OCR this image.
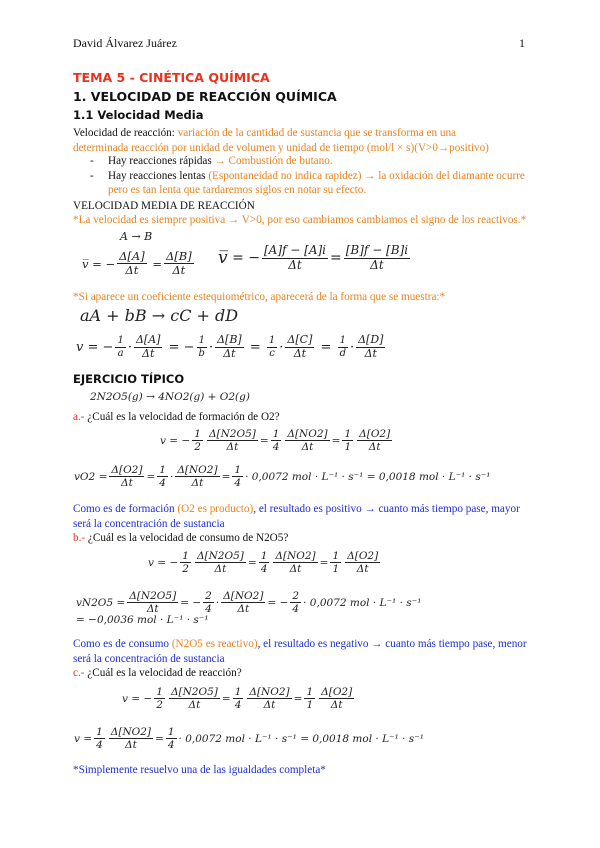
David Álvarez Juárez	1
TEMA 5 - CINÉTICA QUÍMICA
1. VELOCIDAD DE REACCIÓN QUÍMICA
1.1 Velocidad Media
Velocidad de reacción: variación de la cantidad de sustancia que se transforma en una
determinada reacción por unidad de volumen y unidad de tiempo (mol/l × s)(V>0→positivo)
- Hay reacciones rápidas → Combustión de butano.
- Hay reacciones lentas (Espontaneidad no indica rapidez) → la oxidación del diamante ocurre
pero es tan lenta que tardaremos siglos en notar su efecto.
VELOCIDAD MEDIA DE REACCIÓN
*La velocidad es siempre positiva → V>0, por eso cambiamos cambiamos el signo de los reactivos.*
A → B
v̅
=
− $\frac{\Delta[A]}{\Delta t}$
= $\frac{\Delta[B]}{\Delta t}$ v̅
=
− $\frac{[A]f - [A]i}{\Delta t} = \frac{[B]f - [B]i}{\Delta t}$
*Si aparece un coeficiente estequiométrico, aparecerá de la forma que se muestra:*
aA + bB → cC + dD
v
=
− $\frac{1}{a} \cdot \frac{\Delta[A]}{\Delta t}$
=
− $\frac{1}{b} \cdot \frac{\Delta[B]}{\Delta t}$
=
$\frac{1}{c} \cdot \frac{\Delta[C]}{\Delta t}$
=
$\frac{1}{d}$ ·
Δ[D]
Δt
EJERCICIO TÍPICO
2N2O5(g) → 4NO2(g) + O2(g)
a.- ¿Cuál es la velocidad de formación de O2?
v
=
− $\frac{1}{2} \frac{\Delta[N2O5]}{\Delta t} = \frac{1}{4} \frac{\Delta[NO2]}{\Delta t} = \frac{1}{1} \Delta[O2]$
Δt
vO2
= $\frac{\Delta[O2]}{\Delta t} = \frac{1}{4} \cdot \frac{\Delta[NO2]}{\Delta t} = \frac{1}{4}$ ·
0,0072 mol · L⁻¹ · s⁻¹
=
0,0018 mol · L⁻¹ · s⁻¹
Como es de formación (O2 es producto), el resultado es positivo → cuanto más tiempo pase, mayor
será la concentración de sustancia
b.- ¿Cuál es la velocidad de consumo de N2O5?
v
=
− $\frac{1}{2} \frac{\Delta[N2O5]}{\Delta t} = \frac{1}{4} \frac{\Delta[NO2]}{\Delta t} = \frac{1}{1} \Delta[O2]$
Δt
vN2O5
= $\frac{\Delta[N2O5]}{\Delta t}$ =
− $\frac{2}{4} \cdot \frac{\Delta[NO2]}{\Delta t}$ =
− $\frac{2}{4}$ ·
0,0072 mol · L⁻¹ · s⁻¹
=
−0,0036 mol · L⁻¹ · s⁻¹
Como es de consumo (N2O5 es reactivo), el resultado es negativo → cuanto más tiempo pase, menor
será la concentración de sustancia
c.- ¿Cuál es la velocidad de reacción?
v
=
− $\frac{1}{2} \frac{\Delta[N2O5]}{\Delta t} = \frac{1}{4} \frac{\Delta[NO2]}{\Delta t} = \frac{1}{1} \Delta[O2]$
Δt
v
= $\frac{1}{4} \frac{\Delta[NO2]}{\Delta t} = \frac{1}{4}$ ·
0,0072 mol · L⁻¹ · s⁻¹
=
0,0018 mol · L⁻¹ · s⁻¹
*Simplemente resuelvo una de las igualdades completa*
